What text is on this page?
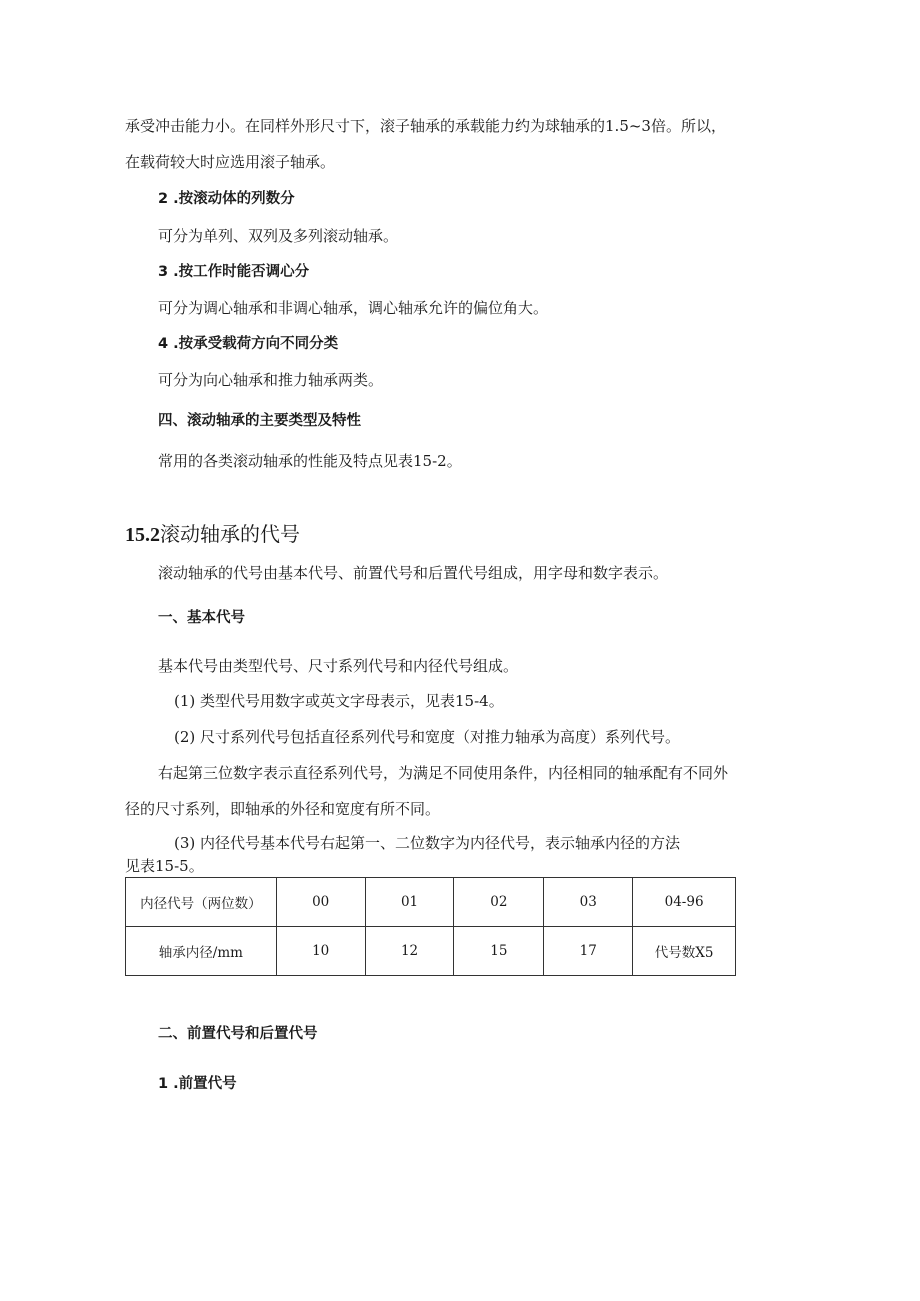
承受冲击能力小。在同样外形尺寸下，滚子轴承的承载能力约为球轴承的1.5~3倍。所以，
在载荷较大时应选用滚子轴承。
2 .按滚动体的列数分
可分为单列、双列及多列滚动轴承。
3 .按工作时能否调心分
可分为调心轴承和非调心轴承，调心轴承允许的偏位角大。
4 .按承受载荷方向不同分类
可分为向心轴承和推力轴承两类。
四、滚动轴承的主要类型及特性
常用的各类滚动轴承的性能及特点见表15-2。
15.2滚动轴承的代号
滚动轴承的代号由基本代号、前置代号和后置代号组成，用字母和数字表示。
一、基本代号
基本代号由类型代号、尺寸系列代号和内径代号组成。
(1) 类型代号用数字或英文字母表示，见表15-4。
(2) 尺寸系列代号包括直径系列代号和宽度（对推力轴承为高度）系列代号。
右起第三位数字表示直径系列代号，为满足不同使用条件，内径相同的轴承配有不同外
径的尺寸系列，即轴承的外径和宽度有所不同。
(3) 内径代号基本代号右起第一、二位数字为内径代号，表示轴承内径的方法
见表15-5。
内径代号（两位数）	00	01	02	03	04-96
轴承内径/mm	10	12	15	17	代号数X5
二、前置代号和后置代号
1 .前置代号
